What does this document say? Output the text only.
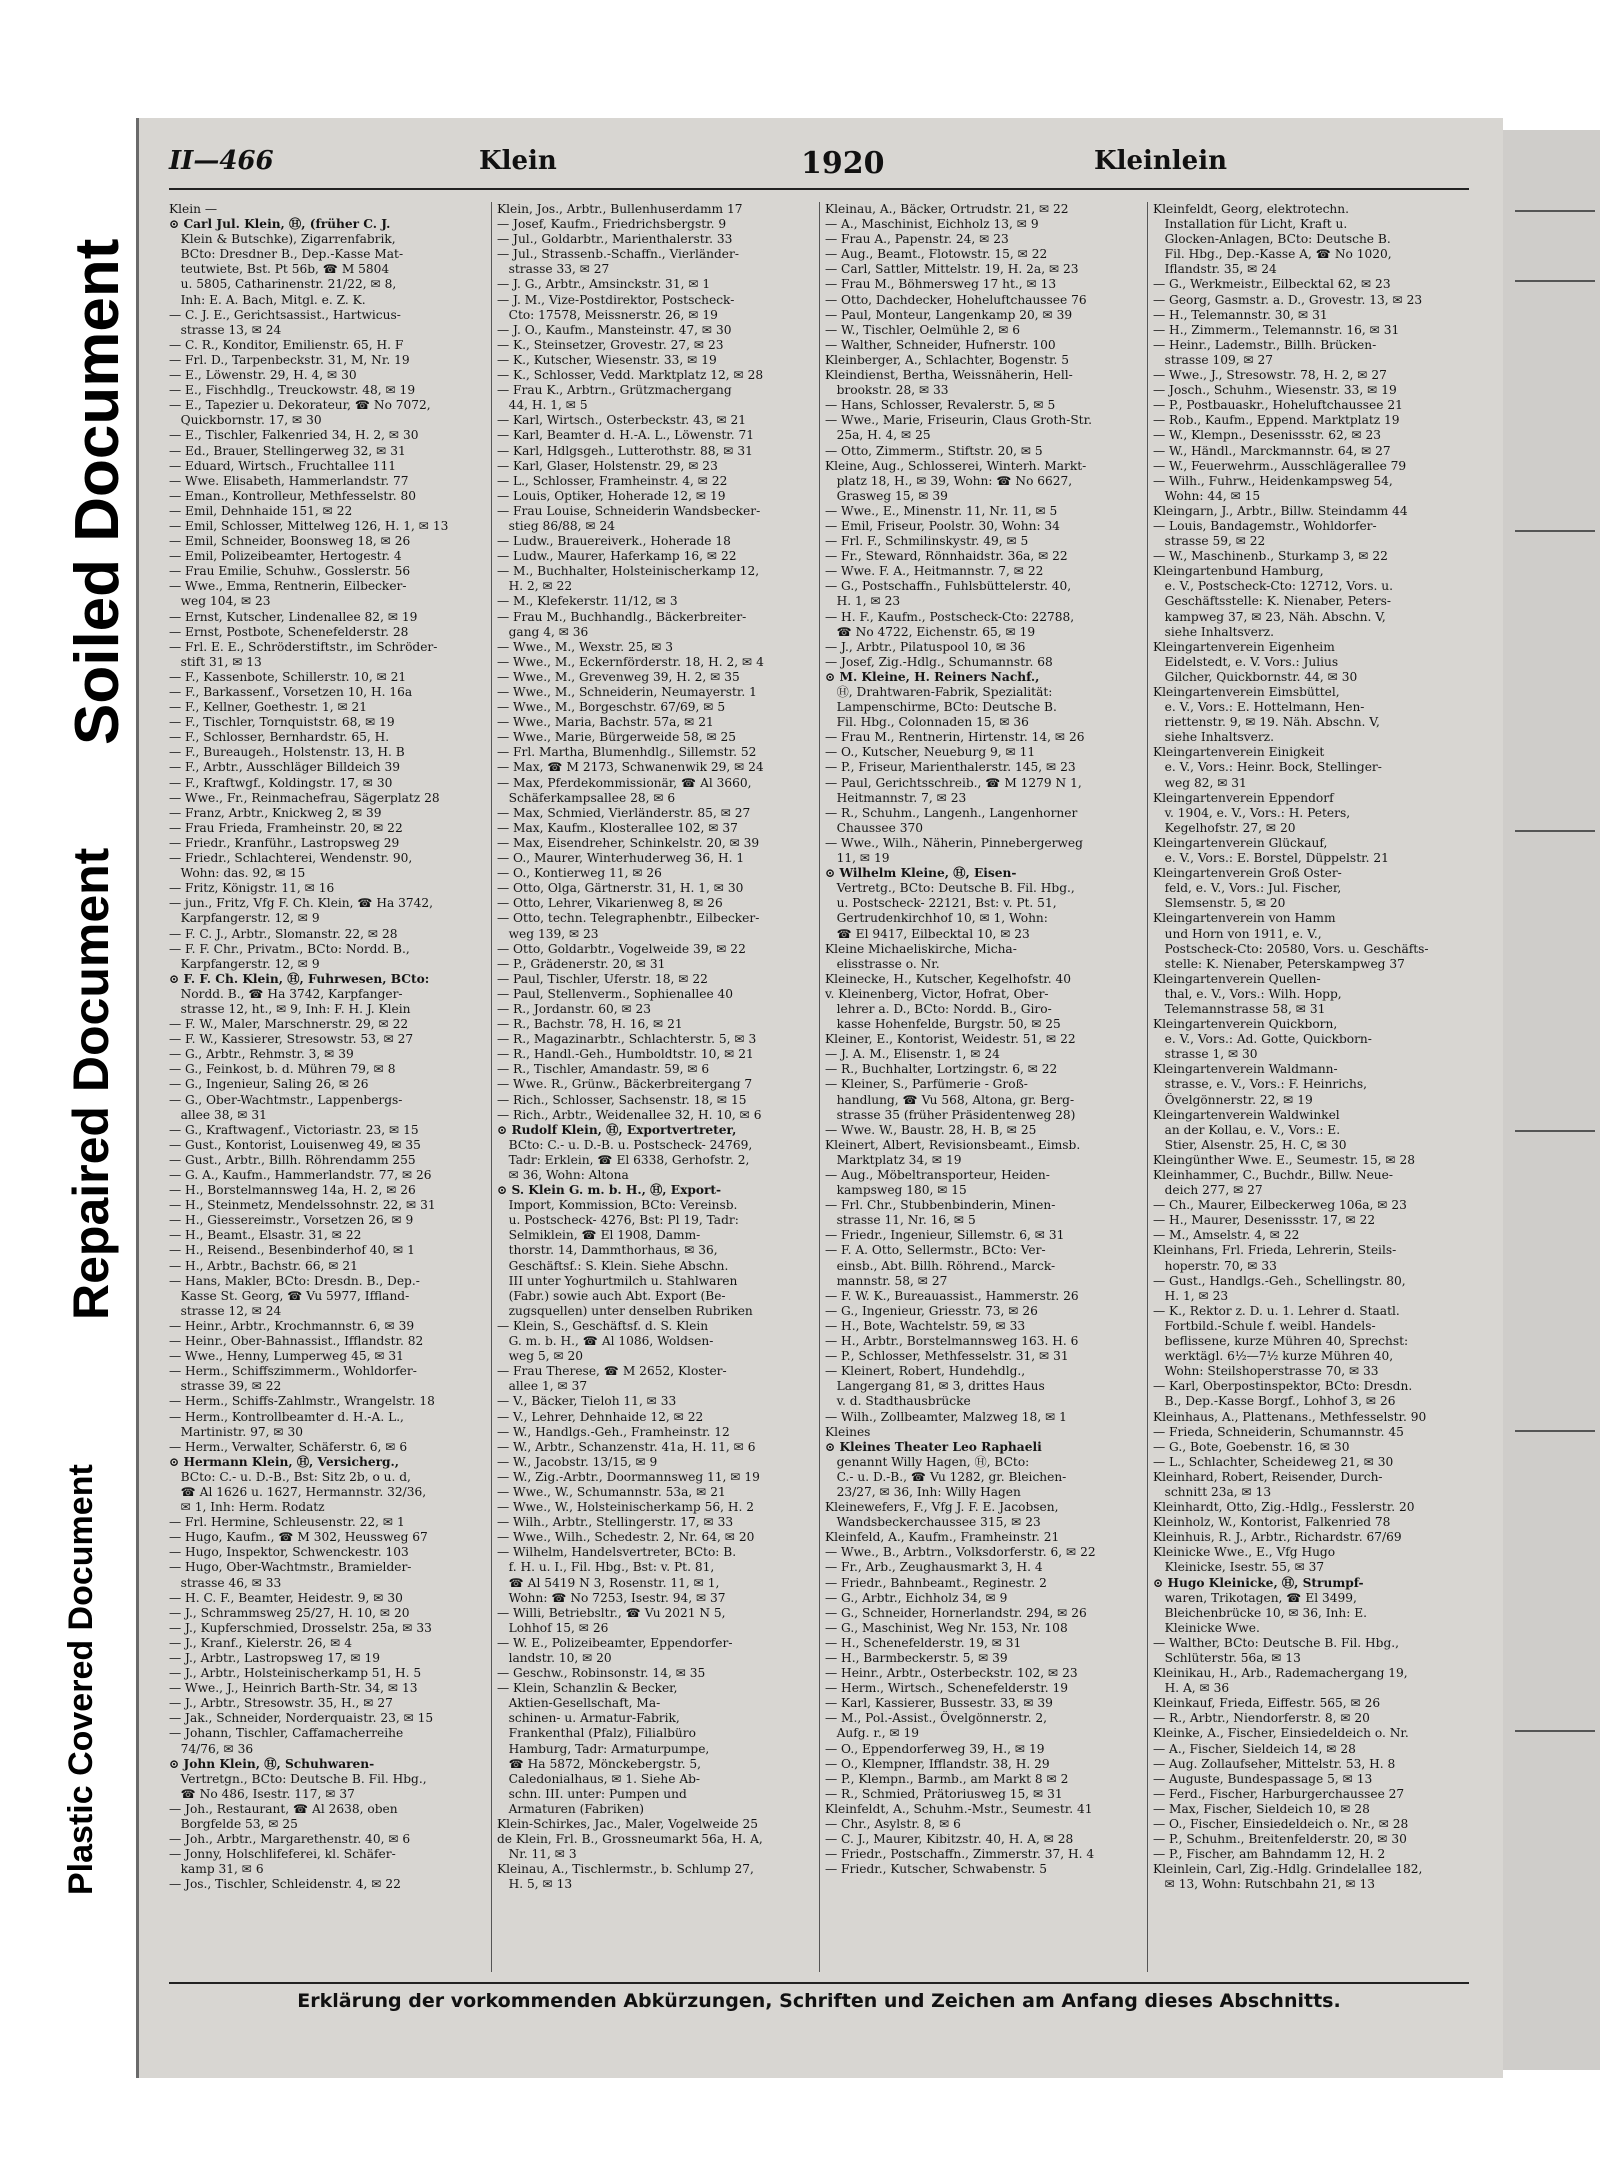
Soiled Document
Repaired Document
Plastic Covered Document
II—466	Klein	1920	Kleinlein

Klein —

⊙ Carl Jul. Klein, Ⓗ, (früher C. J.

Klein & Butschke), Zigarrenfabrik,

BCto: Dresdner B., Dep.-Kasse Mat-

teutwiete, Bst. Pt 56b, ☎ M 5804

u. 5805, Catharinenstr. 21/22, ✉ 8,

Inh: E. A. Bach, Mitgl. e. Z. K.

— C. J. E., Gerichtsassist., Hartwicus-

strasse 13, ✉ 24

— C. R., Konditor, Emilienstr. 65, H. F

— Frl. D., Tarpenbeckstr. 31, M, Nr. 19

— E., Löwenstr. 29, H. 4, ✉ 30

— E., Fischhdlg., Treuckowstr. 48, ✉ 19

— E., Tapezier u. Dekorateur, ☎ No 7072,

Quickbornstr. 17, ✉ 30

— E., Tischler, Falkenried 34, H. 2, ✉ 30

— Ed., Brauer, Stellingerweg 32, ✉ 31

— Eduard, Wirtsch., Fruchtallee 111

— Wwe. Elisabeth, Hammerlandstr. 77

— Eman., Kontrolleur, Methfesselstr. 80

— Emil, Dehnhaide 151, ✉ 22

— Emil, Schlosser, Mittelweg 126, H. 1, ✉ 13

— Emil, Schneider, Boonsweg 18, ✉ 26

— Emil, Polizeibeamter, Hertogestr. 4

— Frau Emilie, Schuhw., Gosslerstr. 56

— Wwe., Emma, Rentnerin, Eilbecker-

weg 104, ✉ 23

— Ernst, Kutscher, Lindenallee 82, ✉ 19

— Ernst, Postbote, Schenefelderstr. 28

— Frl. E. E., Schröderstiftstr., im Schröder-

stift 31, ✉ 13

— F., Kassenbote, Schillerstr. 10, ✉ 21

— F., Barkassenf., Vorsetzen 10, H. 16a

— F., Kellner, Goethestr. 1, ✉ 21

— F., Tischler, Tornquiststr. 68, ✉ 19

— F., Schlosser, Bernhardstr. 65, H.

— F., Bureaugeh., Holstenstr. 13, H. B

— F., Arbtr., Ausschläger Billdeich 39

— F., Kraftwgf., Koldingstr. 17, ✉ 30

— Wwe., Fr., Reinmachefrau, Sägerplatz 28

— Franz, Arbtr., Knickweg 2, ✉ 39

— Frau Frieda, Framheinstr. 20, ✉ 22

— Friedr., Kranführ., Lastropsweg 29

— Friedr., Schlachterei, Wendenstr. 90,

Wohn: das. 92, ✉ 15

— Fritz, Königstr. 11, ✉ 16

— jun., Fritz, Vfg F. Ch. Klein, ☎ Ha 3742,

Karpfangerstr. 12, ✉ 9

— F. C. J., Arbtr., Slomanstr. 22, ✉ 28

— F. F. Chr., Privatm., BCto: Nordd. B.,

Karpfangerstr. 12, ✉ 9

⊙ F. F. Ch. Klein, Ⓗ, Fuhrwesen, BCto:

Nordd. B., ☎ Ha 3742, Karpfanger-

strasse 12, ht., ✉ 9, Inh: F. H. J. Klein

— F. W., Maler, Marschnerstr. 29, ✉ 22

— F. W., Kassierer, Stresowstr. 53, ✉ 27

— G., Arbtr., Rehmstr. 3, ✉ 39

— G., Feinkost, b. d. Mühren 79, ✉ 8

— G., Ingenieur, Saling 26, ✉ 26

— G., Ober-Wachtmstr., Lappenbergs-

allee 38, ✉ 31

— G., Kraftwagenf., Victoriastr. 23, ✉ 15

— Gust., Kontorist, Louisenweg 49, ✉ 35

— Gust., Arbtr., Billh. Röhrendamm 255

— G. A., Kaufm., Hammerlandstr. 77, ✉ 26

— H., Borstelmannsweg 14a, H. 2, ✉ 26

— H., Steinmetz, Mendelssohnstr. 22, ✉ 31

— H., Giessereimstr., Vorsetzen 26, ✉ 9

— H., Beamt., Elsastr. 31, ✉ 22

— H., Reisend., Besenbinderhof 40, ✉ 1

— H., Arbtr., Bachstr. 66, ✉ 21

— Hans, Makler, BCto: Dresdn. B., Dep.-

Kasse St. Georg, ☎ Vu 5977, Iffland-

strasse 12, ✉ 24

— Heinr., Arbtr., Krochmannstr. 6, ✉ 39

— Heinr., Ober-Bahnassist., Ifflandstr. 82

— Wwe., Henny, Lumperweg 45, ✉ 31

— Herm., Schiffszimmerm., Wohldorfer-

strasse 39, ✉ 22

— Herm., Schiffs-Zahlmstr., Wrangelstr. 18

— Herm., Kontrollbeamter d. H.-A. L.,

Martinistr. 97, ✉ 30

— Herm., Verwalter, Schäferstr. 6, ✉ 6

⊙ Hermann Klein, Ⓗ, Versicherg.,

BCto: C.- u. D.-B., Bst: Sitz 2b, o u. d,

☎ Al 1626 u. 1627, Hermannstr. 32/36,

✉ 1, Inh: Herm. Rodatz

— Frl. Hermine, Schleusenstr. 22, ✉ 1

— Hugo, Kaufm., ☎ M 302, Heussweg 67

— Hugo, Inspektor, Schwenckestr. 103

— Hugo, Ober-Wachtmstr., Bramielder-

strasse 46, ✉ 33

— H. C. F., Beamter, Heidestr. 9, ✉ 30

— J., Schrammsweg 25/27, H. 10, ✉ 20

— J., Kupferschmied, Drosselstr. 25a, ✉ 33

— J., Kranf., Kielerstr. 26, ✉ 4

— J., Arbtr., Lastropsweg 17, ✉ 19

— J., Arbtr., Holsteinischerkamp 51, H. 5

— Wwe., J., Heinrich Barth-Str. 34, ✉ 13

— J., Arbtr., Stresowstr. 35, H., ✉ 27

— Jak., Schneider, Norderquaistr. 23, ✉ 15

— Johann, Tischler, Caffamacherreihe

74/76, ✉ 36

⊙ John Klein, Ⓗ, Schuhwaren-

Vertretgn., BCto: Deutsche B. Fil. Hbg.,

☎ No 486, Isestr. 117, ✉ 37

— Joh., Restaurant, ☎ Al 2638, oben

Borgfelde 53, ✉ 25

— Joh., Arbtr., Margarethenstr. 40, ✉ 6

— Jonny, Holschlifeferei, kl. Schäfer-

kamp 31, ✉ 6

— Jos., Tischler, Schleidenstr. 4, ✉ 22

Klein, Jos., Arbtr., Bullenhuserdamm 17

— Josef, Kaufm., Friedrichsbergstr. 9

— Jul., Goldarbtr., Marienthalerstr. 33

— Jul., Strassenb.-Schaffn., Vierländer-

strasse 33, ✉ 27

— J. G., Arbtr., Amsinckstr. 31, ✉ 1

— J. M., Vize-Postdirektor, Postscheck-

Cto: 17578, Meissnerstr. 26, ✉ 19

— J. O., Kaufm., Mansteinstr. 47, ✉ 30

— K., Steinsetzer, Grovestr. 27, ✉ 23

— K., Kutscher, Wiesenstr. 33, ✉ 19

— K., Schlosser, Vedd. Marktplatz 12, ✉ 28

— Frau K., Arbtrn., Grützmachergang

44, H. 1, ✉ 5

— Karl, Wirtsch., Osterbeckstr. 43, ✉ 21

— Karl, Beamter d. H.-A. L., Löwenstr. 71

— Karl, Hdlgsgeh., Lutterothstr. 88, ✉ 31

— Karl, Glaser, Holstenstr. 29, ✉ 23

— L., Schlosser, Framheinstr. 4, ✉ 22

— Louis, Optiker, Hoherade 12, ✉ 19

— Frau Louise, Schneiderin Wandsbecker-

stieg 86/88, ✉ 24

— Ludw., Brauereiverk., Hoherade 18

— Ludw., Maurer, Haferkamp 16, ✉ 22

— M., Buchhalter, Holsteinischerkamp 12,

H. 2, ✉ 22

— M., Klefekerstr. 11/12, ✉ 3

— Frau M., Buchhandlg., Bäckerbreiter-

gang 4, ✉ 36

— Wwe., M., Wexstr. 25, ✉ 3

— Wwe., M., Eckernförderstr. 18, H. 2, ✉ 4

— Wwe., M., Grevenweg 39, H. 2, ✉ 35

— Wwe., M., Schneiderin, Neumayerstr. 1

— Wwe., M., Borgeschstr. 67/69, ✉ 5

— Wwe., Maria, Bachstr. 57a, ✉ 21

— Wwe., Marie, Bürgerweide 58, ✉ 25

— Frl. Martha, Blumenhdlg., Sillemstr. 52

— Max, ☎ M 2173, Schwanenwik 29, ✉ 24

— Max, Pferdekommissionär, ☎ Al 3660,

Schäferkampsallee 28, ✉ 6

— Max, Schmied, Vierländerstr. 85, ✉ 27

— Max, Kaufm., Klosterallee 102, ✉ 37

— Max, Eisendreher, Schinkelstr. 20, ✉ 39

— O., Maurer, Winterhuderweg 36, H. 1

— O., Kontierweg 11, ✉ 26

— Otto, Olga, Gärtnerstr. 31, H. 1, ✉ 30

— Otto, Lehrer, Vikarienweg 8, ✉ 26

— Otto, techn. Telegraphenbtr., Eilbecker-

weg 139, ✉ 23

— Otto, Goldarbtr., Vogelweide 39, ✉ 22

— P., Grädenerstr. 20, ✉ 31

— Paul, Tischler, Uferstr. 18, ✉ 22

— Paul, Stellenverm., Sophienallee 40

— R., Jordanstr. 60, ✉ 23

— R., Bachstr. 78, H. 16, ✉ 21

— R., Magazinarbtr., Schlachterstr. 5, ✉ 3

— R., Handl.-Geh., Humboldtstr. 10, ✉ 21

— R., Tischler, Amandastr. 59, ✉ 6

— Wwe. R., Grünw., Bäckerbreitergang 7

— Rich., Schlosser, Sachsenstr. 18, ✉ 15

— Rich., Arbtr., Weidenallee 32, H. 10, ✉ 6

⊙ Rudolf Klein, Ⓗ, Exportvertreter,

BCto: C.- u. D.-B. u. Postscheck- 24769,

Tadr: Erklein, ☎ El 6338, Gerhofstr. 2,

✉ 36, Wohn: Altona

⊙ S. Klein G. m. b. H., Ⓗ, Export-

Import, Kommission, BCto: Vereinsb.

u. Postscheck- 4276, Bst: Pl 19, Tadr:

Selmiklein, ☎ El 1908, Damm-

thorstr. 14, Dammthorhaus, ✉ 36,

Geschäftsf.: S. Klein. Siehe Abschn.

III unter Yoghurtmilch u. Stahlwaren

(Fabr.) sowie auch Abt. Export (Be-

zugsquellen) unter denselben Rubriken

— Klein, S., Geschäftsf. d. S. Klein

G. m. b. H., ☎ Al 1086, Woldsen-

weg 5, ✉ 20

— Frau Therese, ☎ M 2652, Kloster-

allee 1, ✉ 37

— V., Bäcker, Tieloh 11, ✉ 33

— V., Lehrer, Dehnhaide 12, ✉ 22

— W., Handlgs.-Geh., Framheinstr. 12

— W., Arbtr., Schanzenstr. 41a, H. 11, ✉ 6

— W., Jacobstr. 13/15, ✉ 9

— W., Zig.-Arbtr., Doormannsweg 11, ✉ 19

— Wwe., W., Schumannstr. 53a, ✉ 21

— Wwe., W., Holsteinischerkamp 56, H. 2

— Wilh., Arbtr., Stellingerstr. 17, ✉ 33

— Wwe., Wilh., Schedestr. 2, Nr. 64, ✉ 20

— Wilhelm, Handelsvertreter, BCto: B.

f. H. u. I., Fil. Hbg., Bst: v. Pt. 81,

☎ Al 5419 N 3, Rosenstr. 11, ✉ 1,

Wohn: ☎ No 7253, Isestr. 94, ✉ 37

— Willi, Betriebsltr., ☎ Vu 2021 N 5,

Lohhof 15, ✉ 26

— W. E., Polizeibeamter, Eppendorfer-

landstr. 10, ✉ 20

— Geschw., Robinsonstr. 14, ✉ 35

— Klein, Schanzlin & Becker,

Aktien-Gesellschaft, Ma-

schinen- u. Armatur-Fabrik,

Frankenthal (Pfalz), Filialbüro

Hamburg, Tadr: Armaturpumpe,

☎ Ha 5872, Mönckebergstr. 5,

Caledonialhaus, ✉ 1. Siehe Ab-

schn. III. unter: Pumpen und

Armaturen (Fabriken)

Klein-Schirkes, Jac., Maler, Vogelweide 25

de Klein, Frl. B., Grossneumarkt 56a, H. A,

Nr. 11, ✉ 3

Kleinau, A., Tischlermstr., b. Schlump 27,

H. 5, ✉ 13

Kleinau, A., Bäcker, Ortrudstr. 21, ✉ 22

— A., Maschinist, Eichholz 13, ✉ 9

— Frau A., Papenstr. 24, ✉ 23

— Aug., Beamt., Flotowstr. 15, ✉ 22

— Carl, Sattler, Mittelstr. 19, H. 2a, ✉ 23

— Frau M., Böhmersweg 17 ht., ✉ 13

— Otto, Dachdecker, Hoheluftchaussee 76

— Paul, Monteur, Langenkamp 20, ✉ 39

— W., Tischler, Oelmühle 2, ✉ 6

— Walther, Schneider, Hufnerstr. 100

Kleinberger, A., Schlachter, Bogenstr. 5

Kleindienst, Bertha, Weissnäherin, Hell-

brookstr. 28, ✉ 33

— Hans, Schlosser, Revalerstr. 5, ✉ 5

— Wwe., Marie, Friseurin, Claus Groth-Str.

25a, H. 4, ✉ 25

— Otto, Zimmerm., Stiftstr. 20, ✉ 5

Kleine, Aug., Schlosserei, Winterh. Markt-

platz 18, H., ✉ 39, Wohn: ☎ No 6627,

Grasweg 15, ✉ 39

— Wwe., E., Minenstr. 11, Nr. 11, ✉ 5

— Emil, Friseur, Poolstr. 30, Wohn: 34

— Frl. F., Schmilinskystr. 49, ✉ 5

— Fr., Steward, Rönnhaidstr. 36a, ✉ 22

— Wwe. F. A., Heitmannstr. 7, ✉ 22

— G., Postschaffn., Fuhlsbüttelerstr. 40,

H. 1, ✉ 23

— H. F., Kaufm., Postscheck-Cto: 22788,

☎ No 4722, Eichenstr. 65, ✉ 19

— J., Arbtr., Pilatuspool 10, ✉ 36

— Josef, Zig.-Hdlg., Schumannstr. 68

⊙ M. Kleine, H. Reiners Nachf.,

Ⓗ, Drahtwaren-Fabrik, Spezialität:

Lampenschirme, BCto: Deutsche B.

Fil. Hbg., Colonnaden 15, ✉ 36

— Frau M., Rentnerin, Hirtenstr. 14, ✉ 26

— O., Kutscher, Neueburg 9, ✉ 11

— P., Friseur, Marienthalerstr. 145, ✉ 23

— Paul, Gerichtsschreib., ☎ M 1279 N 1,

Heitmannstr. 7, ✉ 23

— R., Schuhm., Langenh., Langenhorner

Chaussee 370

— Wwe., Wilh., Näherin, Pinnebergerweg

11, ✉ 19

⊙ Wilhelm Kleine, Ⓗ, Eisen-

Vertretg., BCto: Deutsche B. Fil. Hbg.,

u. Postscheck- 22121, Bst: v. Pt. 51,

Gertrudenkirchhof 10, ✉ 1, Wohn:

☎ El 9417, Eilbecktal 10, ✉ 23

Kleine Michaeliskirche, Micha-

elisstrasse o. Nr.

Kleinecke, H., Kutscher, Kegelhofstr. 40

v. Kleinenberg, Victor, Hofrat, Ober-

lehrer a. D., BCto: Nordd. B., Giro-

kasse Hohenfelde, Burgstr. 50, ✉ 25

Kleiner, E., Kontorist, Weidestr. 51, ✉ 22

— J. A. M., Elisenstr. 1, ✉ 24

— R., Buchhalter, Lortzingstr. 6, ✉ 22

— Kleiner, S., Parfümerie - Groß-

handlung, ☎ Vu 568, Altona, gr. Berg-

strasse 35 (früher Präsidentenweg 28)

— Wwe. W., Baustr. 28, H. B, ✉ 25

Kleinert, Albert, Revisionsbeamt., Eimsb.

Marktplatz 34, ✉ 19

— Aug., Möbeltransporteur, Heiden-

kampsweg 180, ✉ 15

— Frl. Chr., Stubbenbinderin, Minen-

strasse 11, Nr. 16, ✉ 5

— Friedr., Ingenieur, Sillemstr. 6, ✉ 31

— F. A. Otto, Sellermstr., BCto: Ver-

einsb., Abt. Billh. Röhrend., Marck-

mannstr. 58, ✉ 27

— F. W. K., Bureauassist., Hammerstr. 26

— G., Ingenieur, Griesstr. 73, ✉ 26

— H., Bote, Wachtelstr. 59, ✉ 33

— H., Arbtr., Borstelmannsweg 163. H. 6

— P., Schlosser, Methfesselstr. 31, ✉ 31

— Kleinert, Robert, Hundehdlg.,

Langergang 81, ✉ 3, drittes Haus

v. d. Stadthausbrücke

— Wilh., Zollbeamter, Malzweg 18, ✉ 1

Kleines

⊙ Kleines Theater Leo Raphaeli

genannt Willy Hagen, Ⓗ, BCto:

C.- u. D.-B., ☎ Vu 1282, gr. Bleichen-

23/27, ✉ 36, Inh: Willy Hagen

Kleinewefers, F., Vfg J. F. E. Jacobsen,

Wandsbeckerchaussee 315, ✉ 23

Kleinfeld, A., Kaufm., Framheinstr. 21

— Wwe., B., Arbtrn., Volksdorferstr. 6, ✉ 22

— Fr., Arb., Zeughausmarkt 3, H. 4

— Friedr., Bahnbeamt., Reginestr. 2

— G., Arbtr., Eichholz 34, ✉ 9

— G., Schneider, Hornerlandstr. 294, ✉ 26

— G., Maschinist, Weg Nr. 153, Nr. 108

— H., Schenefelderstr. 19, ✉ 31

— H., Barmbeckerstr. 5, ✉ 39

— Heinr., Arbtr., Osterbeckstr. 102, ✉ 23

— Herm., Wirtsch., Schenefelderstr. 19

— Karl, Kassierer, Bussestr. 33, ✉ 39

— M., Pol.-Assist., Övelgönnerstr. 2,

Aufg. r., ✉ 19

— O., Eppendorferweg 39, H., ✉ 19

— O., Klempner, Ifflandstr. 38, H. 29

— P., Klempn., Barmb., am Markt 8 ✉ 2

— R., Schmied, Prätoriusweg 15, ✉ 31

Kleinfeldt, A., Schuhm.-Mstr., Seumestr. 41

— Chr., Asylstr. 8, ✉ 6

— C. J., Maurer, Kibitzstr. 40, H. A, ✉ 28

— Friedr., Postschaffn., Zimmerstr. 37, H. 4

— Friedr., Kutscher, Schwabenstr. 5

Kleinfeldt, Georg, elektrotechn.

Installation für Licht, Kraft u.

Glocken-Anlagen, BCto: Deutsche B.

Fil. Hbg., Dep.-Kasse A, ☎ No 1020,

Iflandstr. 35, ✉ 24

— G., Werkmeistr., Eilbecktal 62, ✉ 23

— Georg, Gasmstr. a. D., Grovestr. 13, ✉ 23

— H., Telemannstr. 30, ✉ 31

— H., Zimmerm., Telemannstr. 16, ✉ 31

— Heinr., Lademstr., Billh. Brücken-

strasse 109, ✉ 27

— Wwe., J., Stresowstr. 78, H. 2, ✉ 27

— Josch., Schuhm., Wiesenstr. 33, ✉ 19

— P., Postbauaskr., Hoheluftchaussee 21

— Rob., Kaufm., Eppend. Marktplatz 19

— W., Klempn., Desenissstr. 62, ✉ 23

— W., Händl., Marckmannstr. 64, ✉ 27

— W., Feuerwehrm., Ausschlägerallee 79

— Wilh., Fuhrw., Heidenkampsweg 54,

Wohn: 44, ✉ 15

Kleingarn, J., Arbtr., Billw. Steindamm 44

— Louis, Bandagemstr., Wohldorfer-

strasse 59, ✉ 22

— W., Maschinenb., Sturkamp 3, ✉ 22

Kleingartenbund Hamburg,

e. V., Postscheck-Cto: 12712, Vors. u.

Geschäftsstelle: K. Nienaber, Peters-

kampweg 37, ✉ 23, Näh. Abschn. V,

siehe Inhaltsverz.

Kleingartenverein Eigenheim

Eidelstedt, e. V. Vors.: Julius

Gilcher, Quickbornstr. 44, ✉ 30

Kleingartenverein Eimsbüttel,

e. V., Vors.: E. Hottelmann, Hen-

riettenstr. 9, ✉ 19. Näh. Abschn. V,

siehe Inhaltsverz.

Kleingartenverein Einigkeit

e. V., Vors.: Heinr. Bock, Stellinger-

weg 82, ✉ 31

Kleingartenverein Eppendorf

v. 1904, e. V., Vors.: H. Peters,

Kegelhofstr. 27, ✉ 20

Kleingartenverein Glückauf,

e. V., Vors.: E. Borstel, Düppelstr. 21

Kleingartenverein Groß Oster-

feld, e. V., Vors.: Jul. Fischer,

Slemsenstr. 5, ✉ 20

Kleingartenverein von Hamm

und Horn von 1911, e. V.,

Postscheck-Cto: 20580, Vors. u. Geschäfts-

stelle: K. Nienaber, Peterskampweg 37

Kleingartenverein Quellen-

thal, e. V., Vors.: Wilh. Hopp,

Telemannstrasse 58, ✉ 31

Kleingartenverein Quickborn,

e. V., Vors.: Ad. Gotte, Quickborn-

strasse 1, ✉ 30

Kleingartenverein Waldmann-

strasse, e. V., Vors.: F. Heinrichs,

Övelgönnerstr. 22, ✉ 19

Kleingartenverein Waldwinkel

an der Kollau, e. V., Vors.: E.

Stier, Alsenstr. 25, H. C, ✉ 30

Kleingünther Wwe. E., Seumestr. 15, ✉ 28

Kleinhammer, C., Buchdr., Billw. Neue-

deich 277, ✉ 27

— Ch., Maurer, Eilbeckerweg 106a, ✉ 23

— H., Maurer, Desenissstr. 17, ✉ 22

— M., Amselstr. 4, ✉ 22

Kleinhans, Frl. Frieda, Lehrerin, Steils-

hoperstr. 70, ✉ 33

— Gust., Handlgs.-Geh., Schellingstr. 80,

H. 1, ✉ 23

— K., Rektor z. D. u. 1. Lehrer d. Staatl.

Fortbild.-Schule f. weibl. Handels-

beflissene, kurze Mühren 40, Sprechst:

werktägl. 6½—7½ kurze Mühren 40,

Wohn: Steilshoperstrasse 70, ✉ 33

— Karl, Oberpostinspektor, BCto: Dresdn.

B., Dep.-Kasse Borgf., Lohhof 3, ✉ 26

Kleinhaus, A., Plattenans., Methfesselstr. 90

— Frieda, Schneiderin, Schumannstr. 45

— G., Bote, Goebenstr. 16, ✉ 30

— L., Schlachter, Scheideweg 21, ✉ 30

Kleinhard, Robert, Reisender, Durch-

schnitt 23a, ✉ 13

Kleinhardt, Otto, Zig.-Hdlg., Fesslerstr. 20

Kleinholz, W., Kontorist, Falkenried 78

Kleinhuis, R. J., Arbtr., Richardstr. 67/69

Kleinicke Wwe., E., Vfg Hugo

Kleinicke, Isestr. 55, ✉ 37

⊙ Hugo Kleinicke, Ⓗ, Strumpf-

waren, Trikotagen, ☎ El 3499,

Bleichenbrücke 10, ✉ 36, Inh: E.

Kleinicke Wwe.

— Walther, BCto: Deutsche B. Fil. Hbg.,

Schlüterstr. 56a, ✉ 13

Kleinikau, H., Arb., Rademachergang 19,

H. A, ✉ 36

Kleinkauf, Frieda, Eiffestr. 565, ✉ 26

— R., Arbtr., Niendorferstr. 8, ✉ 20

Kleinke, A., Fischer, Einsiedeldeich o. Nr.

— A., Fischer, Sieldeich 14, ✉ 28

— Aug. Zollaufseher, Mittelstr. 53, H. 8

— Auguste, Bundespassage 5, ✉ 13

— Ferd., Fischer, Harburgerchaussee 27

— Max, Fischer, Sieldeich 10, ✉ 28

— O., Fischer, Einsiedeldeich o. Nr., ✉ 28

— P., Schuhm., Breitenfelderstr. 20, ✉ 30

— P., Fischer, am Bahndamm 12, H. 2

Kleinlein, Carl, Zig.-Hdlg. Grindelallee 182,

✉ 13, Wohn: Rutschbahn 21, ✉ 13

Erklärung der vorkommenden Abkürzungen, Schriften und Zeichen am Anfang dieses Abschnitts.
